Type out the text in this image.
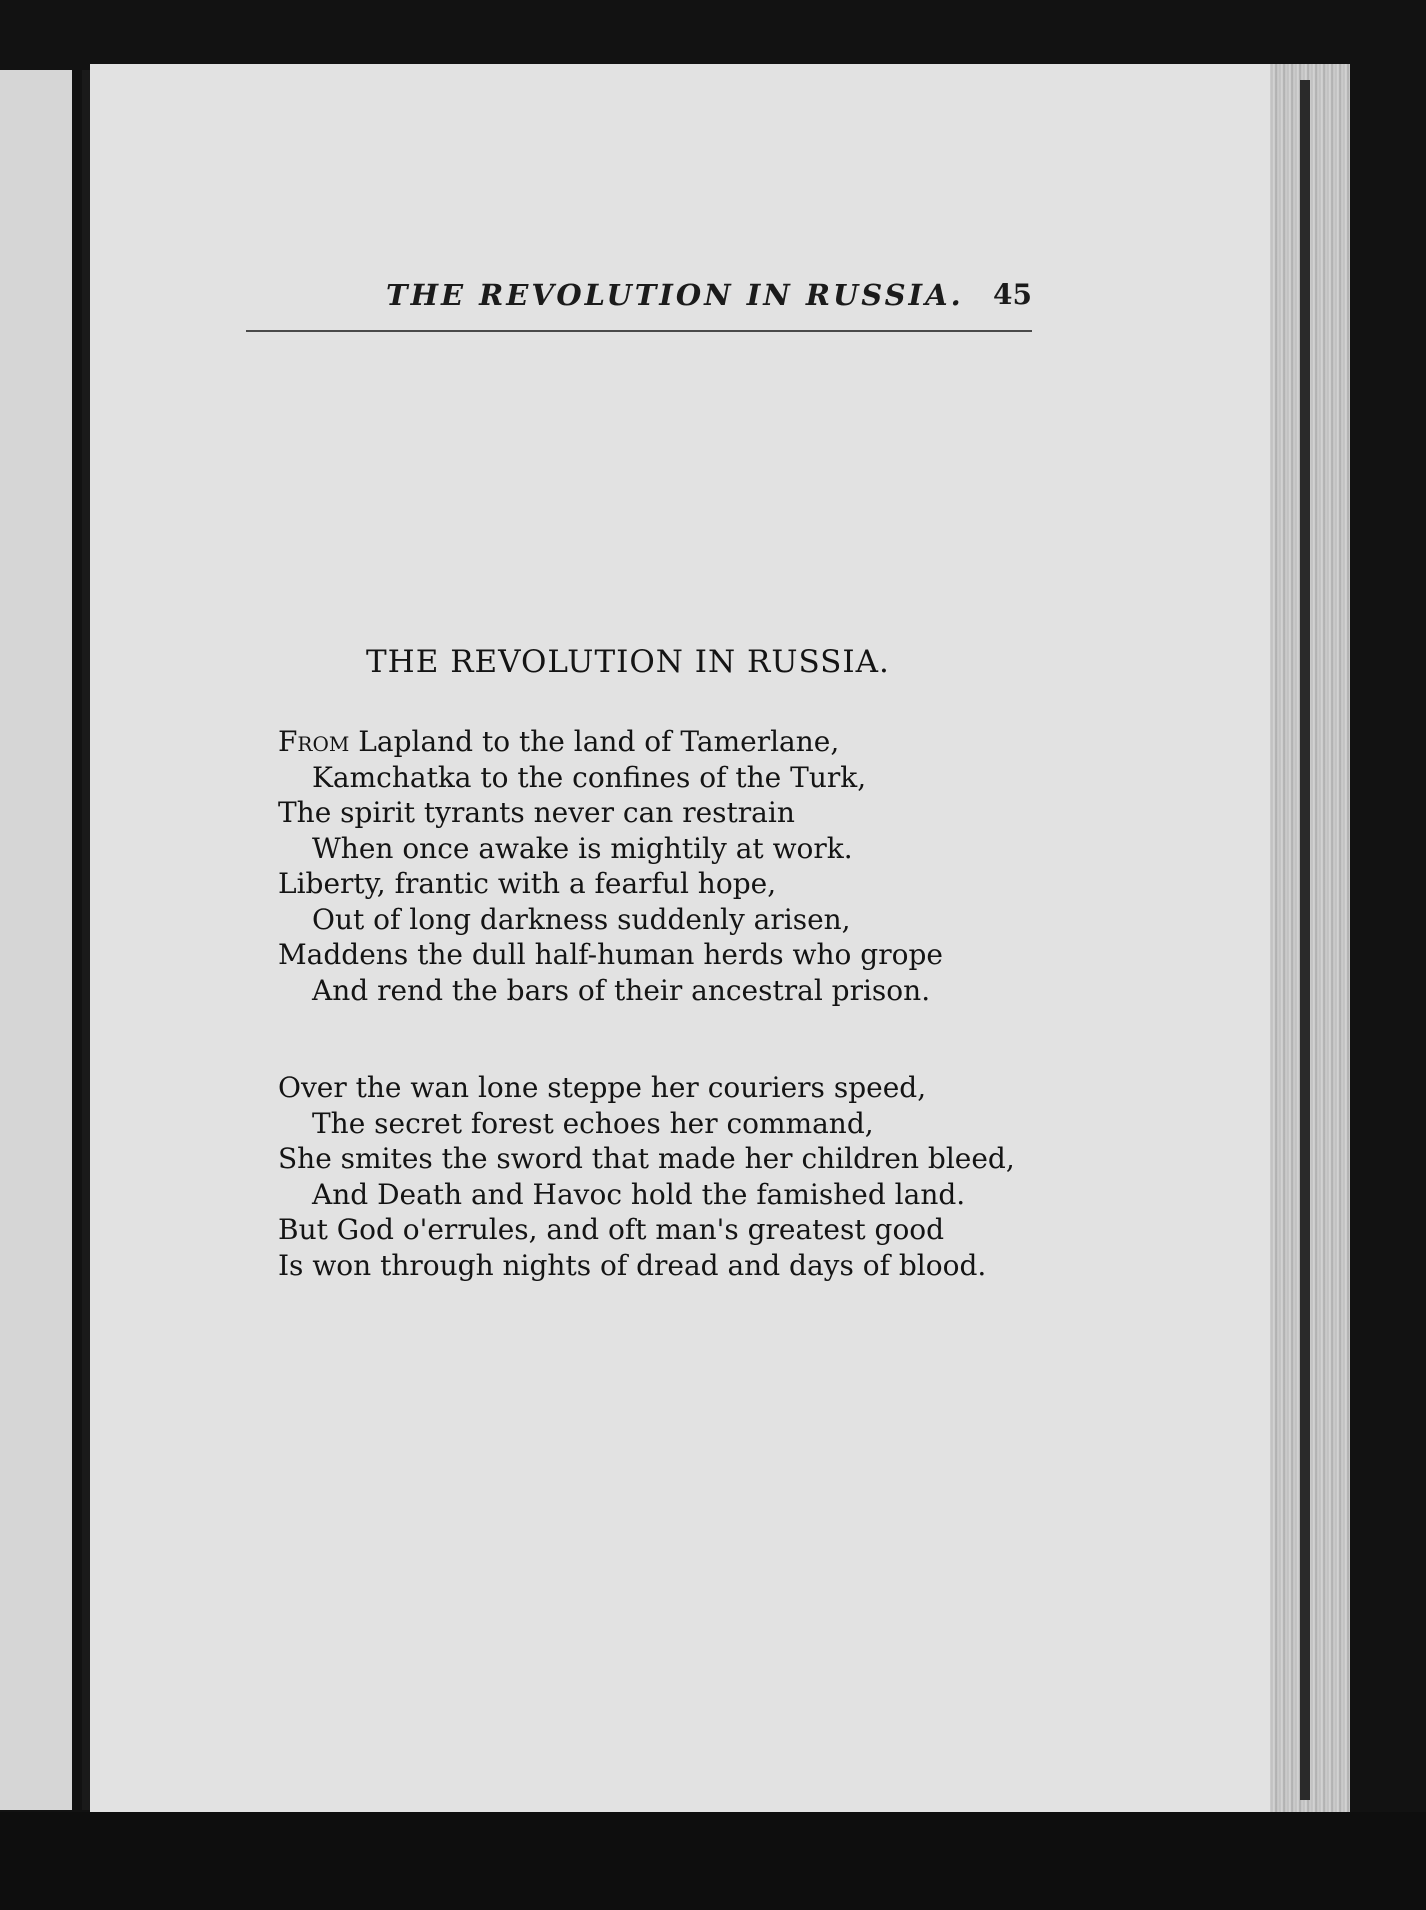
THE REVOLUTION IN RUSSIA. 45
THE REVOLUTION IN RUSSIA.
From Lapland to the land of Tamerlane,
Kamchatka to the confines of the Turk,
The spirit tyrants never can restrain
When once awake is mightily at work.
Liberty, frantic with a fearful hope,
Out of long darkness suddenly arisen,
Maddens the dull half-human herds who grope
And rend the bars of their ancestral prison.
Over the wan lone steppe her couriers speed,
The secret forest echoes her command,
She smites the sword that made her children bleed,
And Death and Havoc hold the famished land.
But God o'errules, and oft man's greatest good
Is won through nights of dread and days of blood.
